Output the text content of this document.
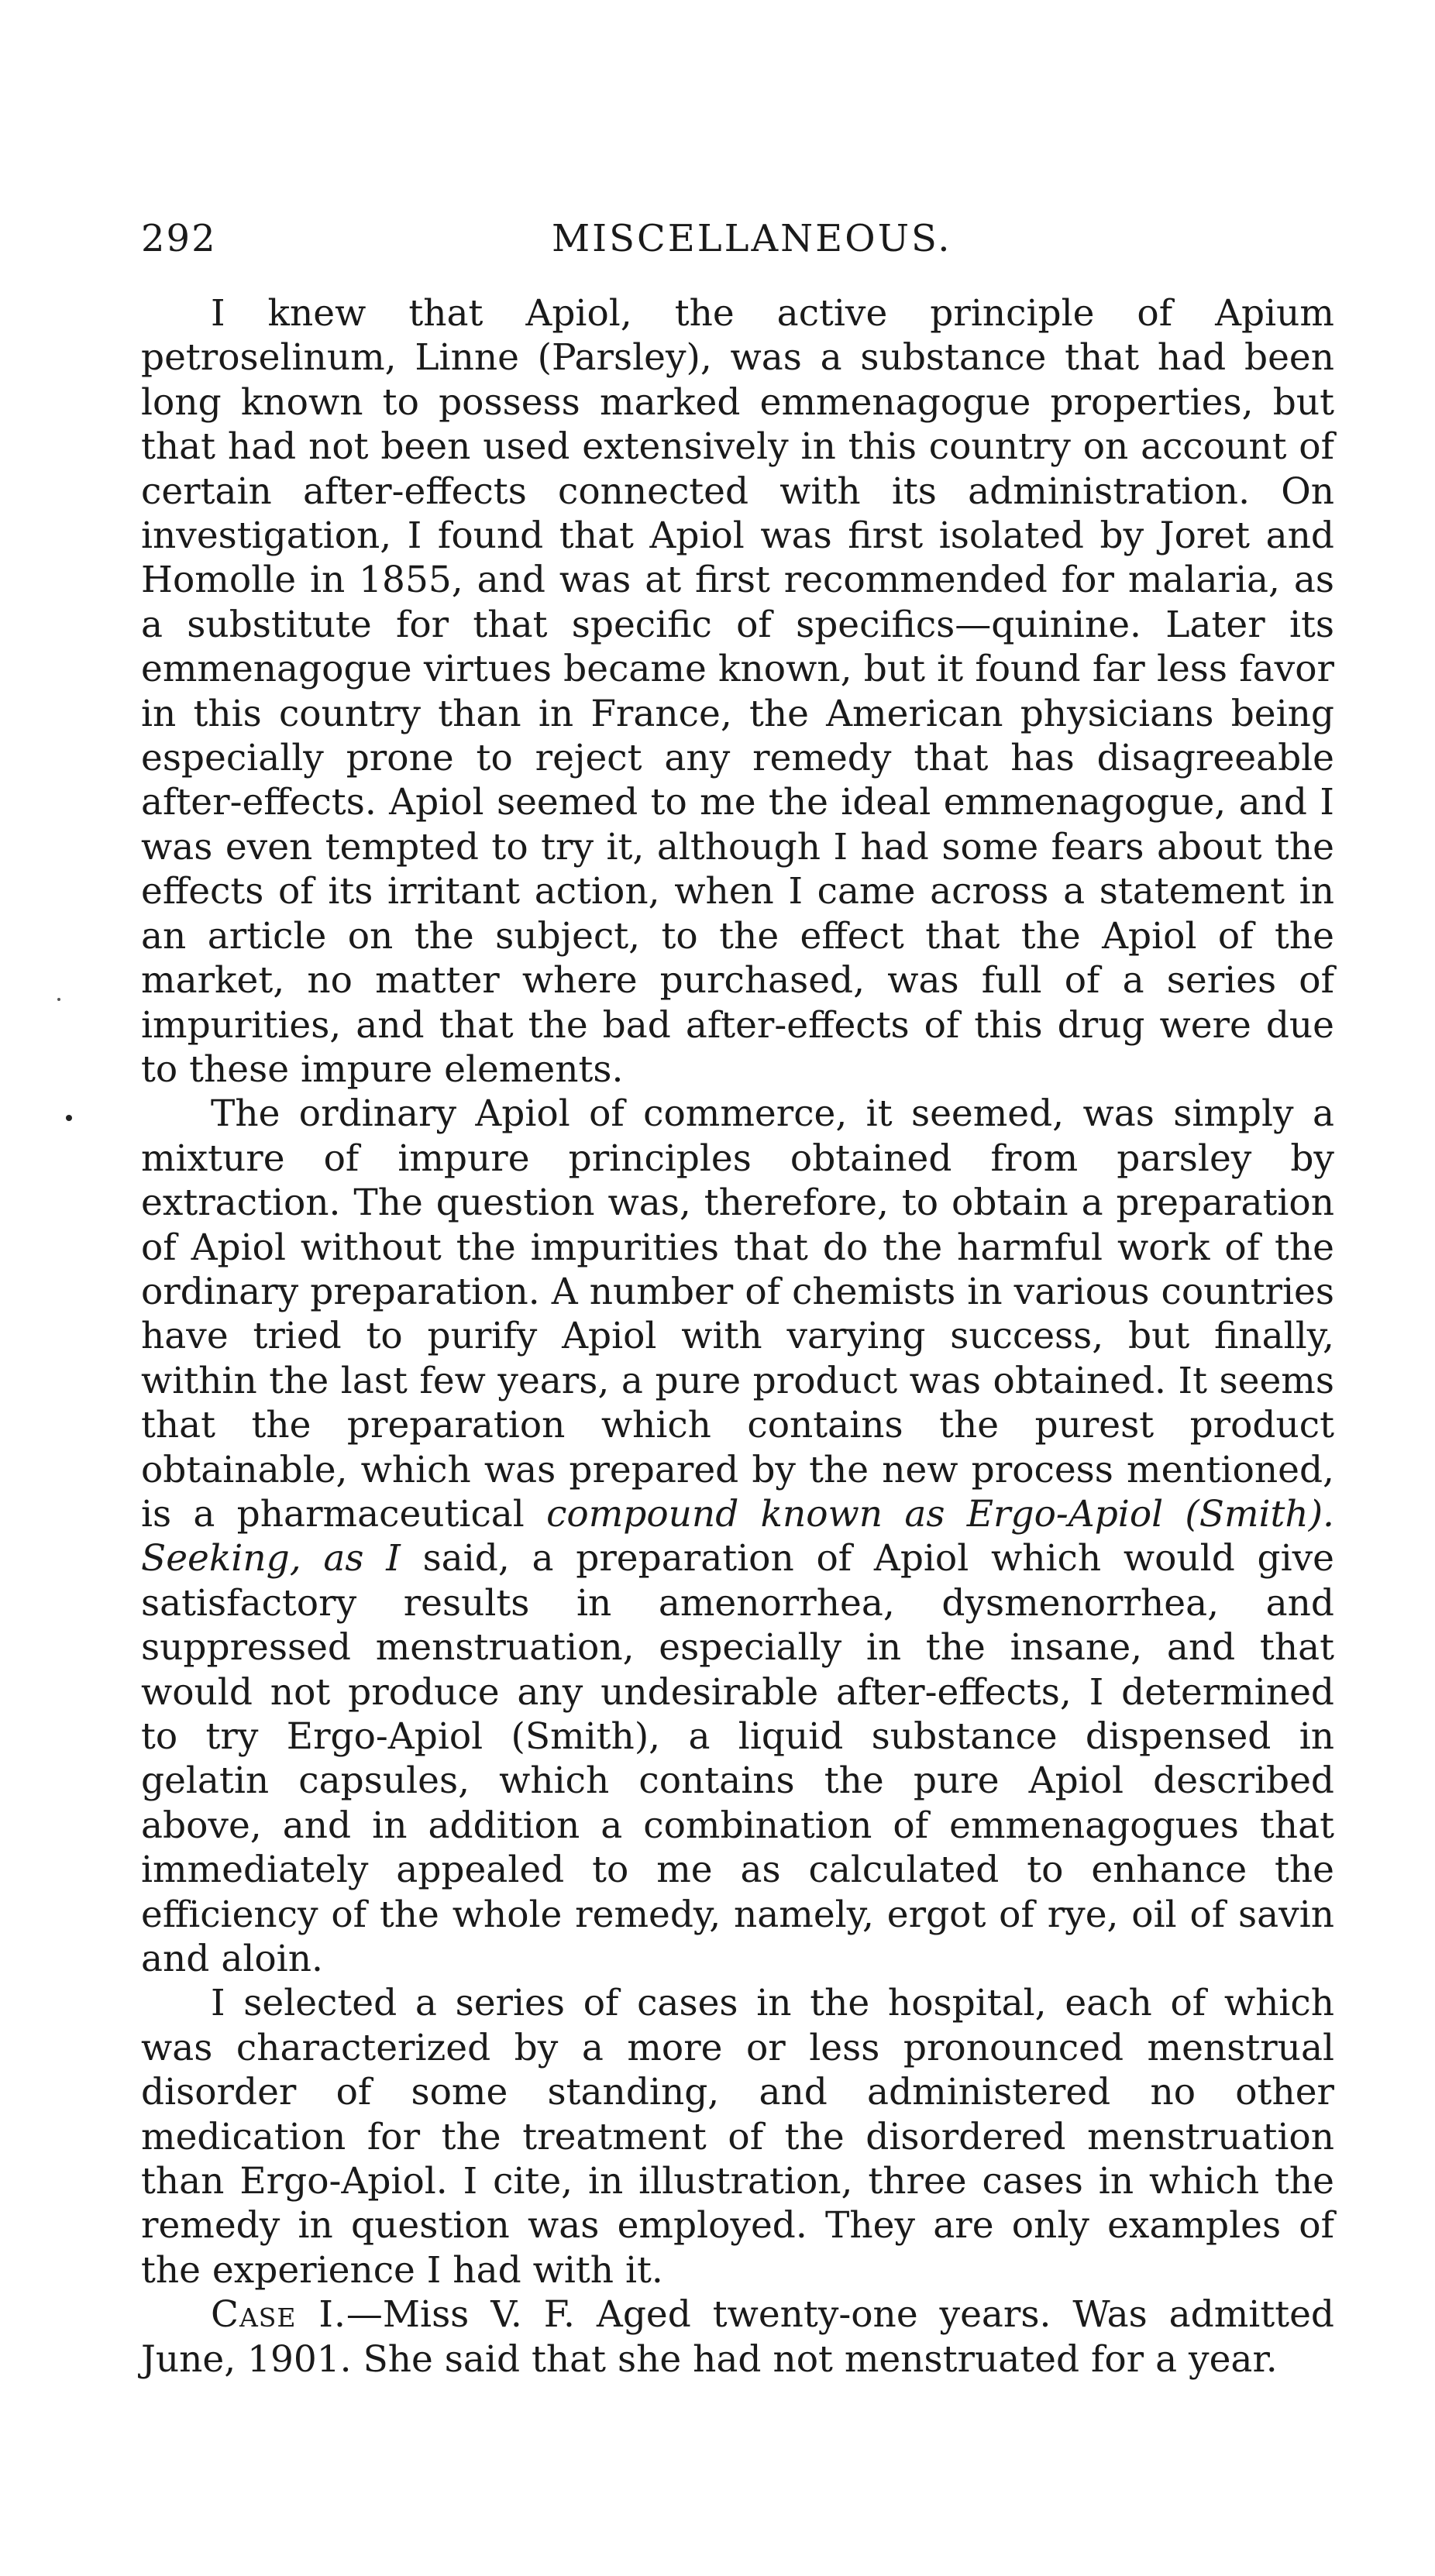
292	MISCELLANEOUS.

I knew that Apiol, the active principle of Apium petroselinum, Linne (Parsley), was a substance that had been long known to possess marked emmenagogue properties, but that had not been used extensively in this country on account of certain after-effects connected with its administration. On investigation, I found that Apiol was first isolated by Joret and Homolle in 1855, and was at first recommended for malaria, as a substitute for that specific of specifics—quinine. Later its emmenagogue virtues became known, but it found far less favor in this country than in France, the American physicians being especially prone to reject any remedy that has disagreeable after-effects. Apiol seemed to me the ideal emmenagogue, and I was even tempted to try it, although I had some fears about the effects of its irritant action, when I came across a statement in an article on the subject, to the effect that the Apiol of the market, no matter where purchased, was full of a series of impurities, and that the bad after-effects of this drug were due to these impure elements.

The ordinary Apiol of commerce, it seemed, was simply a mixture of impure principles obtained from parsley by extraction. The question was, therefore, to obtain a preparation of Apiol without the impurities that do the harmful work of the ordinary preparation. A number of chemists in various countries have tried to purify Apiol with varying success, but finally, within the last few years, a pure product was obtained. It seems that the preparation which contains the purest product obtainable, which was prepared by the new process mentioned, is a pharmaceutical compound known as Ergo-Apiol (Smith). Seeking, as I said, a preparation of Apiol which would give satisfactory results in amenorrhea, dysmenorrhea, and suppressed menstruation, especially in the insane, and that would not produce any undesirable after-effects, I determined to try Ergo-Apiol (Smith), a liquid substance dispensed in gelatin capsules, which contains the pure Apiol described above, and in addition a combination of emmenagogues that immediately appealed to me as calculated to enhance the efficiency of the whole remedy, namely, ergot of rye, oil of savin and aloin.

I selected a series of cases in the hospital, each of which was characterized by a more or less pronounced menstrual disorder of some standing, and administered no other medication for the treatment of the disordered menstruation than Ergo-Apiol. I cite, in illustration, three cases in which the remedy in question was employed. They are only examples of the experience I had with it.

Case I.—Miss V. F. Aged twenty-one years. Was admitted June, 1901. She said that she had not menstruated for a year.
